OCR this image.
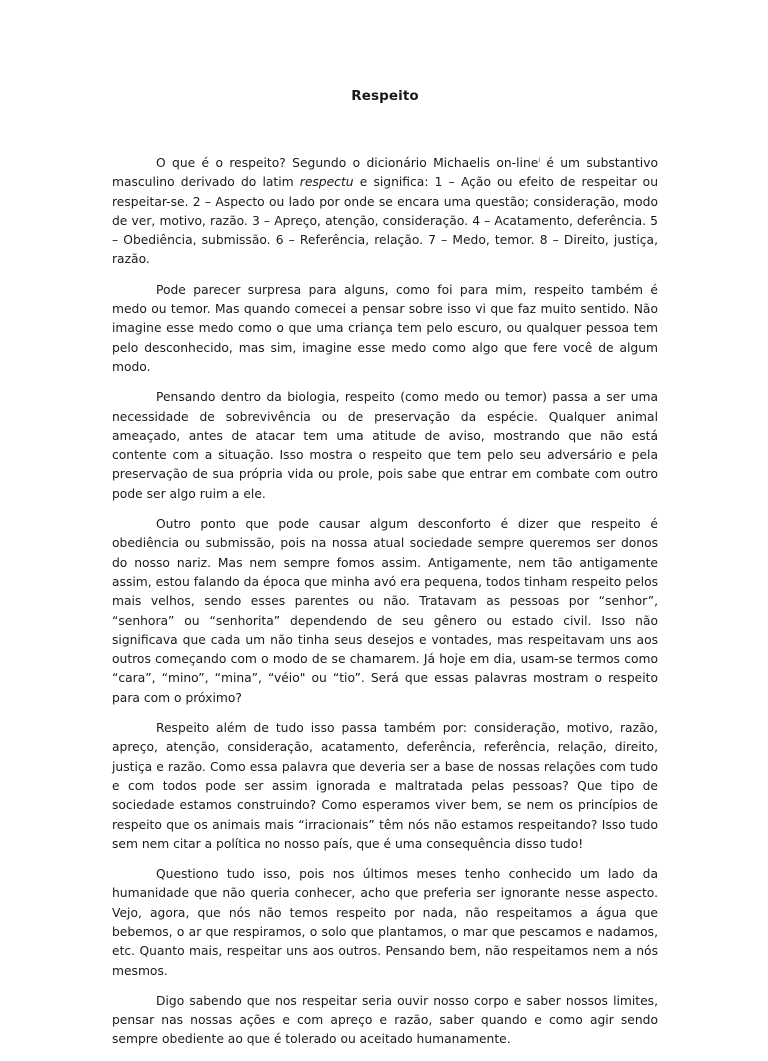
Respeito

O que é o respeito? Segundo o dicionário Michaelis on-line$^i$ é um substantivo masculino derivado do latim respectu e significa: 1 – Ação ou efeito de respeitar ou respeitar-se. 2 – Aspecto ou lado por onde se encara uma questão; consideração, modo de ver, motivo, razão. 3 – Apreço, atenção, consideração. 4 – Acatamento, deferência. 5 – Obediência, submissão. 6 – Referência, relação. 7 – Medo, temor. 8 – Direito, justiça, razão.

Pode parecer surpresa para alguns, como foi para mim, respeito também é medo ou temor. Mas quando comecei a pensar sobre isso vi que faz muito sentido. Não imagine esse medo como o que uma criança tem pelo escuro, ou qualquer pessoa tem pelo desconhecido, mas sim, imagine esse medo como algo que fere você de algum modo.

Pensando dentro da biologia, respeito (como medo ou temor) passa a ser uma necessidade de sobrevivência ou de preservação da espécie. Qualquer animal ameaçado, antes de atacar tem uma atitude de aviso, mostrando que não está contente com a situação. Isso mostra o respeito que tem pelo seu adversário e pela preservação de sua própria vida ou prole, pois sabe que entrar em combate com outro pode ser algo ruim a ele.

Outro ponto que pode causar algum desconforto é dizer que respeito é obediência ou submissão, pois na nossa atual sociedade sempre queremos ser donos do nosso nariz. Mas nem sempre fomos assim. Antigamente, nem tão antigamente assim, estou falando da época que minha avó era pequena, todos tinham respeito pelos mais velhos, sendo esses parentes ou não. Tratavam as pessoas por “senhor”, “senhora” ou “senhorita” dependendo de seu gênero ou estado civil. Isso não significava que cada um não tinha seus desejos e vontades, mas respeitavam uns aos outros começando com o modo de se chamarem. Já hoje em dia, usam-se termos como “cara”, “mino”, “mina”, “véio" ou “tio”. Será que essas palavras mostram o respeito para com o próximo?

Respeito além de tudo isso passa também por: consideração, motivo, razão, apreço, atenção, consideração, acatamento, deferência, referência, relação, direito, justiça e razão. Como essa palavra que deveria ser a base de nossas relações com tudo e com todos pode ser assim ignorada e maltratada pelas pessoas? Que tipo de sociedade estamos construindo? Como esperamos viver bem, se nem os princípios de respeito que os animais mais “irracionais” têm nós não estamos respeitando? Isso tudo sem nem citar a política no nosso país, que é uma consequência disso tudo!

Questiono tudo isso, pois nos últimos meses tenho conhecido um lado da humanidade que não queria conhecer, acho que preferia ser ignorante nesse aspecto. Vejo, agora, que nós não temos respeito por nada, não respeitamos a água que bebemos, o ar que respiramos, o solo que plantamos, o mar que pescamos e nadamos, etc. Quanto mais, respeitar uns aos outros. Pensando bem, não respeitamos nem a nós mesmos.

Digo sabendo que nos respeitar seria ouvir nosso corpo e saber nossos limites, pensar nas nossas ações e com apreço e razão, saber quando e como agir sendo sempre obediente ao que é tolerado ou aceitado humanamente.
